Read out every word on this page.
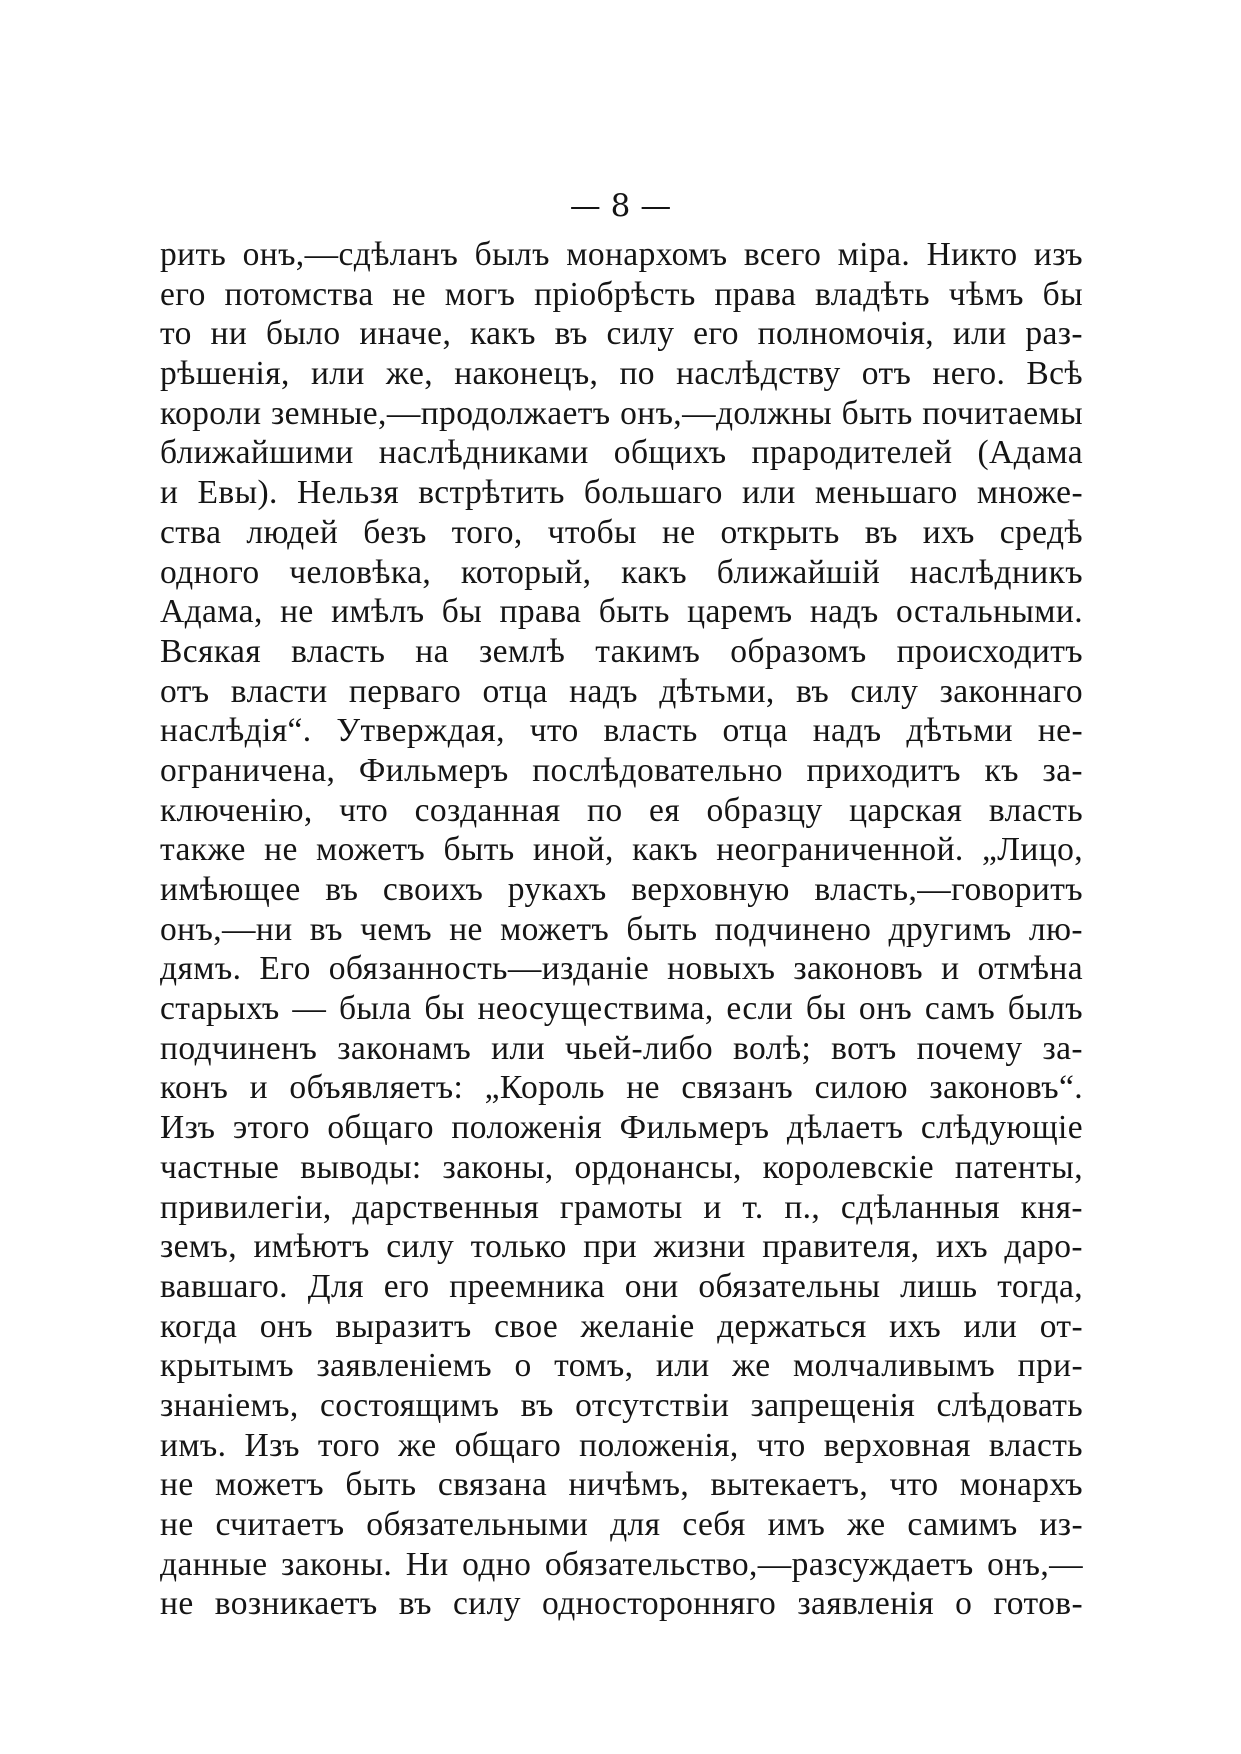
— 8 —
рить онъ,—сдѣланъ былъ монархомъ всего міра. Никто изъ
его потомства не могъ пріобрѣсть права владѣть чѣмъ бы
то ни было иначе, какъ въ силу его полномочія, или раз-
рѣшенія, или же, наконецъ, по наслѣдству отъ него. Всѣ
короли земные,—продолжаетъ онъ,—должны быть почитаемы
ближайшими наслѣдниками общихъ прародителей (Адама
и Евы). Нельзя встрѣтить большаго или меньшаго множе-
ства людей безъ того, чтобы не открыть въ ихъ средѣ
одного человѣка, который, какъ ближайшій наслѣдникъ
Адама, не имѣлъ бы права быть царемъ надъ остальными.
Всякая власть на землѣ такимъ образомъ происходитъ
отъ власти перваго отца надъ дѣтьми, въ силу законнаго
наслѣдія“. Утверждая, что власть отца надъ дѣтьми не-
ограничена, Фильмеръ послѣдовательно приходитъ къ за-
ключенію, что созданная по ея образцу царская власть
также не можетъ быть иной, какъ неограниченной. „Лицо,
имѣющее въ своихъ рукахъ верховную власть,—говоритъ
онъ,—ни въ чемъ не можетъ быть подчинено другимъ лю-
дямъ. Его обязанность—изданіе новыхъ законовъ и отмѣна
старыхъ — была бы неосуществима, если бы онъ самъ былъ
подчиненъ законамъ или чьей-либо волѣ; вотъ почему за-
конъ и объявляетъ: „Король не связанъ силою законовъ“.
Изъ этого общаго положенія Фильмеръ дѣлаетъ слѣдующіе
частные выводы: законы, ордонансы, королевскіе патенты,
привилегіи, дарственныя грамоты и т. п., сдѣланныя кня-
земъ, имѣютъ силу только при жизни правителя, ихъ даро-
вавшаго. Для его преемника они обязательны лишь тогда,
когда онъ выразитъ свое желаніе держаться ихъ или от-
крытымъ заявленіемъ о томъ, или же молчаливымъ при-
знаніемъ, состоящимъ въ отсутствіи запрещенія слѣдовать
имъ. Изъ того же общаго положенія, что верховная власть
не можетъ быть связана ничѣмъ, вытекаетъ, что монархъ
не считаетъ обязательными для себя имъ же самимъ из-
данные законы. Ни одно обязательство,—разсуждаетъ онъ,—
не возникаетъ въ силу односторонняго заявленія о готов-
